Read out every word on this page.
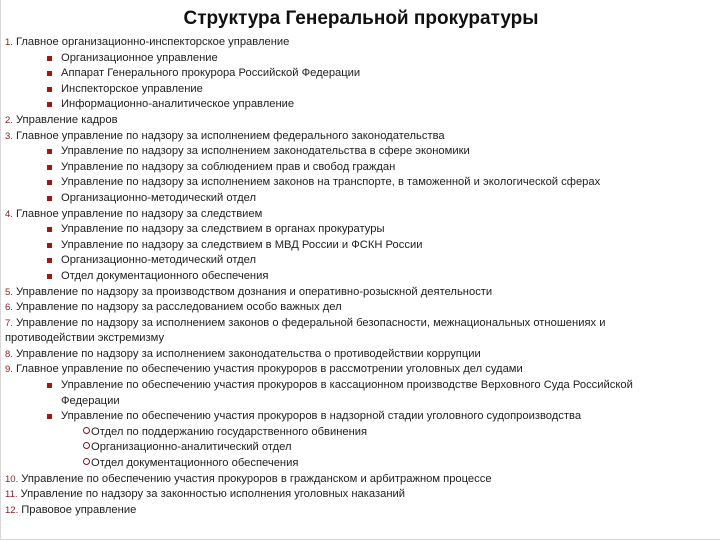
Структура Генеральной прокуратуры
1. Главное организационно-инспекторское управление
Организационное управление
Аппарат Генерального прокурора Российской Федерации
Инспекторское управление
Информационно-аналитическое управление
2. Управление кадров
3. Главное управление по надзору за исполнением федерального законодательства
Управление по надзору за исполнением законодательства в сфере экономики
Управление по надзору за соблюдением прав и свобод граждан
Управление по надзору за исполнением законов на транспорте, в таможенной и экологической сферах
Организационно-методический отдел
4. Главное управление по надзору за следствием
Управление по надзору за следствием в органах прокуратуры
Управление по надзору за следствием в МВД России и ФСКН России
Организационно-методический отдел
Отдел документационного обеспечения
5. Управление по надзору за производством дознания и оперативно-розыскной деятельности
6. Управление по надзору за расследованием особо важных дел
7. Управление по надзору за исполнением законов о федеральной безопасности, межнациональных отношениях и
противодействии экстремизму
8. Управление по надзору за исполнением законодательства о противодействии коррупции
9. Главное управление по обеспечению участия прокуроров в рассмотрении уголовных дел судами
Управление по обеспечению участия прокуроров в кассационном производстве Верховного Суда Российской
Федерации
Управление по обеспечению участия прокуроров в надзорной стадии уголовного судопроизводства
Отдел по поддержанию государственного обвинения
Организационно-аналитический отдел
Отдел документационного обеспечения
10. Управление по обеспечению участия прокуроров в гражданском и арбитражном процессе
11. Управление по надзору за законностью исполнения уголовных наказаний
12. Правовое управление
